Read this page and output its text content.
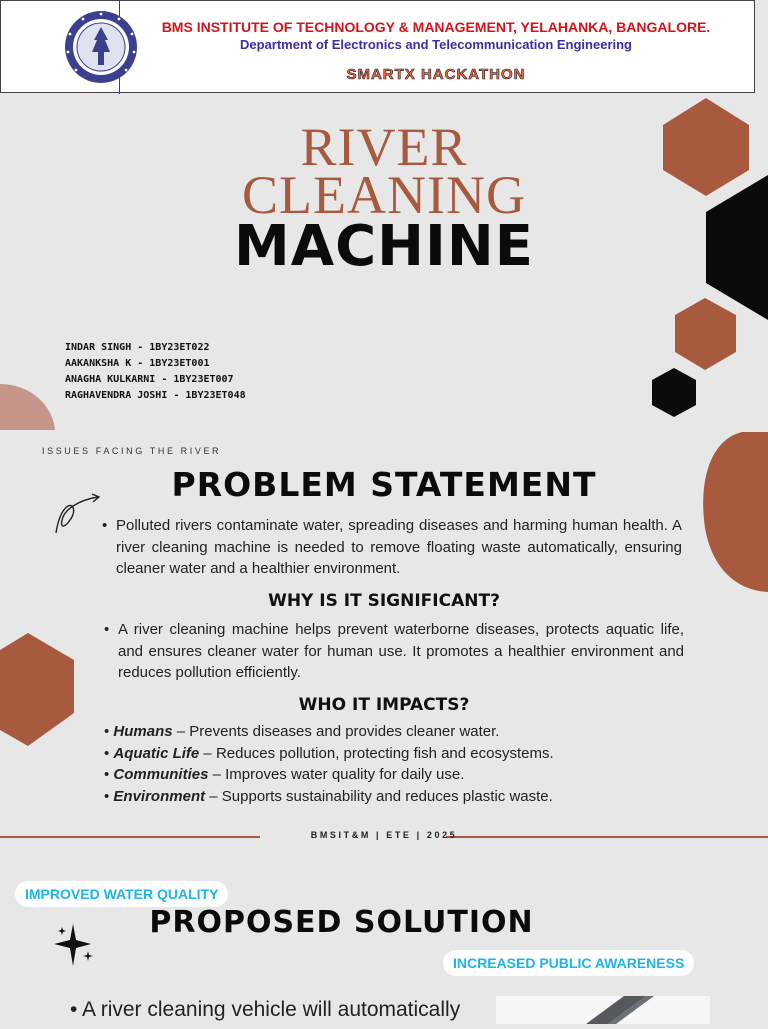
BMS INSTITUTE OF TECHNOLOGY & MANAGEMENT, YELAHANKA, BANGALORE.
Department of Electronics and Telecommunication Engineering
SMARTX HACKATHON
RIVER
CLEANING
MACHINE
INDAR SINGH - 1BY23ET022
AAKANKSHA K - 1BY23ET001
ANAGHA KULKARNI - 1BY23ET007
RAGHAVENDRA JOSHI - 1BY23ET048
ISSUES FACING THE RIVER
PROBLEM STATEMENT
• Polluted rivers contaminate water, spreading diseases and harming human health. A river cleaning machine is needed to remove floating waste automatically, ensuring cleaner water and a healthier environment.
WHY IS IT SIGNIFICANT?
• A river cleaning machine helps prevent waterborne diseases, protects aquatic life, and ensures cleaner water for human use. It promotes a healthier environment and reduces pollution efficiently.
WHO IT IMPACTS?
• Humans – Prevents diseases and provides cleaner water.
• Aquatic Life – Reduces pollution, protecting fish and ecosystems.
• Communities – Improves water quality for daily use.
• Environment – Supports sustainability and reduces plastic waste.
BMSIT&M | ETE | 2025
IMPROVED WATER QUALITY
PROPOSED SOLUTION
INCREASED PUBLIC AWARENESS
• A river cleaning vehicle will automatically
